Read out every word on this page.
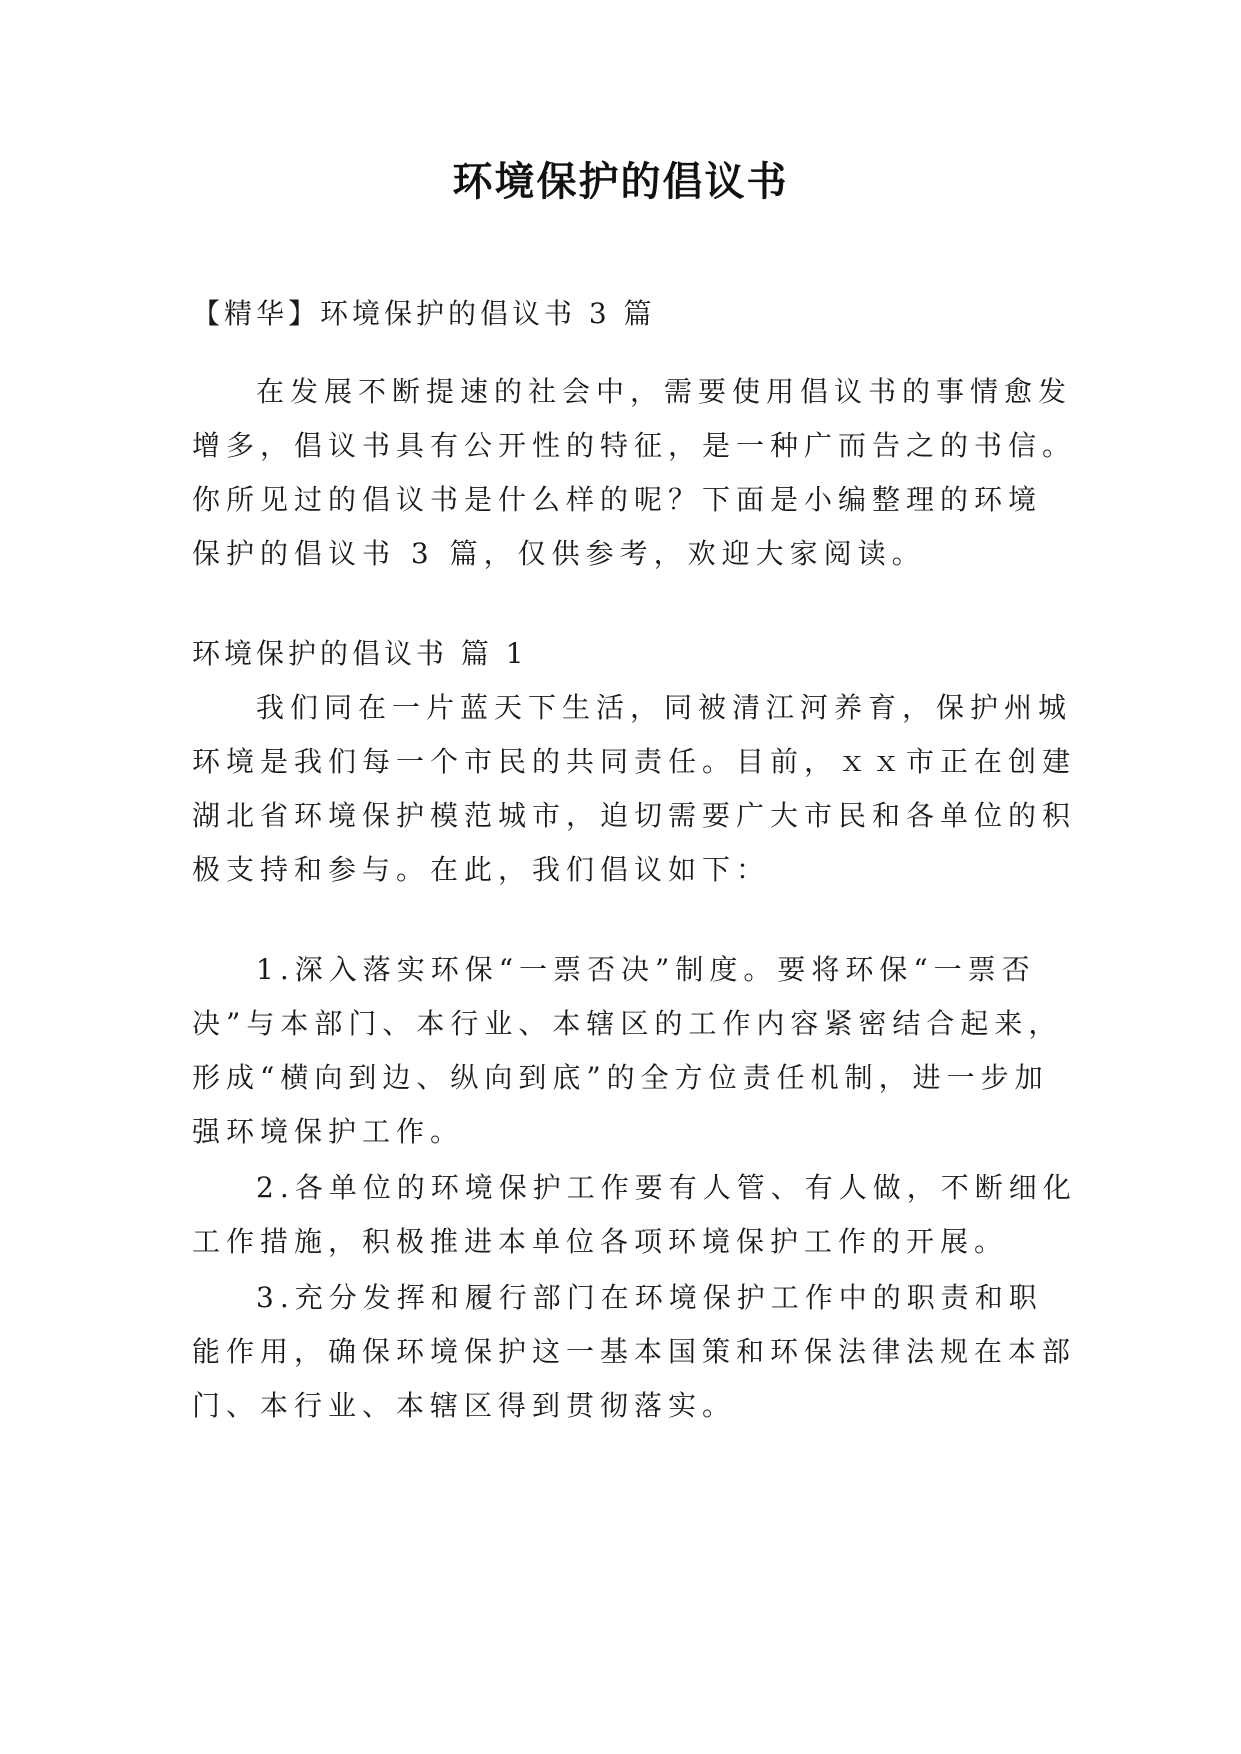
环境保护的倡议书
【精华】环境保护的倡议书 3 篇
在发展不断提速的社会中，需要使用倡议书的事情愈发
增多，倡议书具有公开性的特征，是一种广而告之的书信。
你所见过的倡议书是什么样的呢？下面是小编整理的环境
保护的倡议书 3 篇，仅供参考，欢迎大家阅读。
环境保护的倡议书 篇 1
我们同在一片蓝天下生活，同被清江河养育，保护州城
环境是我们每一个市民的共同责任。目前，ｘｘ市正在创建
湖北省环境保护模范城市，迫切需要广大市民和各单位的积
极支持和参与。在此，我们倡议如下：
1.深入落实环保“一票否决”制度。要将环保“一票否
决”与本部门、本行业、本辖区的工作内容紧密结合起来，
形成“横向到边、纵向到底”的全方位责任机制，进一步加
强环境保护工作。
2.各单位的环境保护工作要有人管、有人做，不断细化
工作措施，积极推进本单位各项环境保护工作的开展。
3.充分发挥和履行部门在环境保护工作中的职责和职
能作用，确保环境保护这一基本国策和环保法律法规在本部
门、本行业、本辖区得到贯彻落实。
